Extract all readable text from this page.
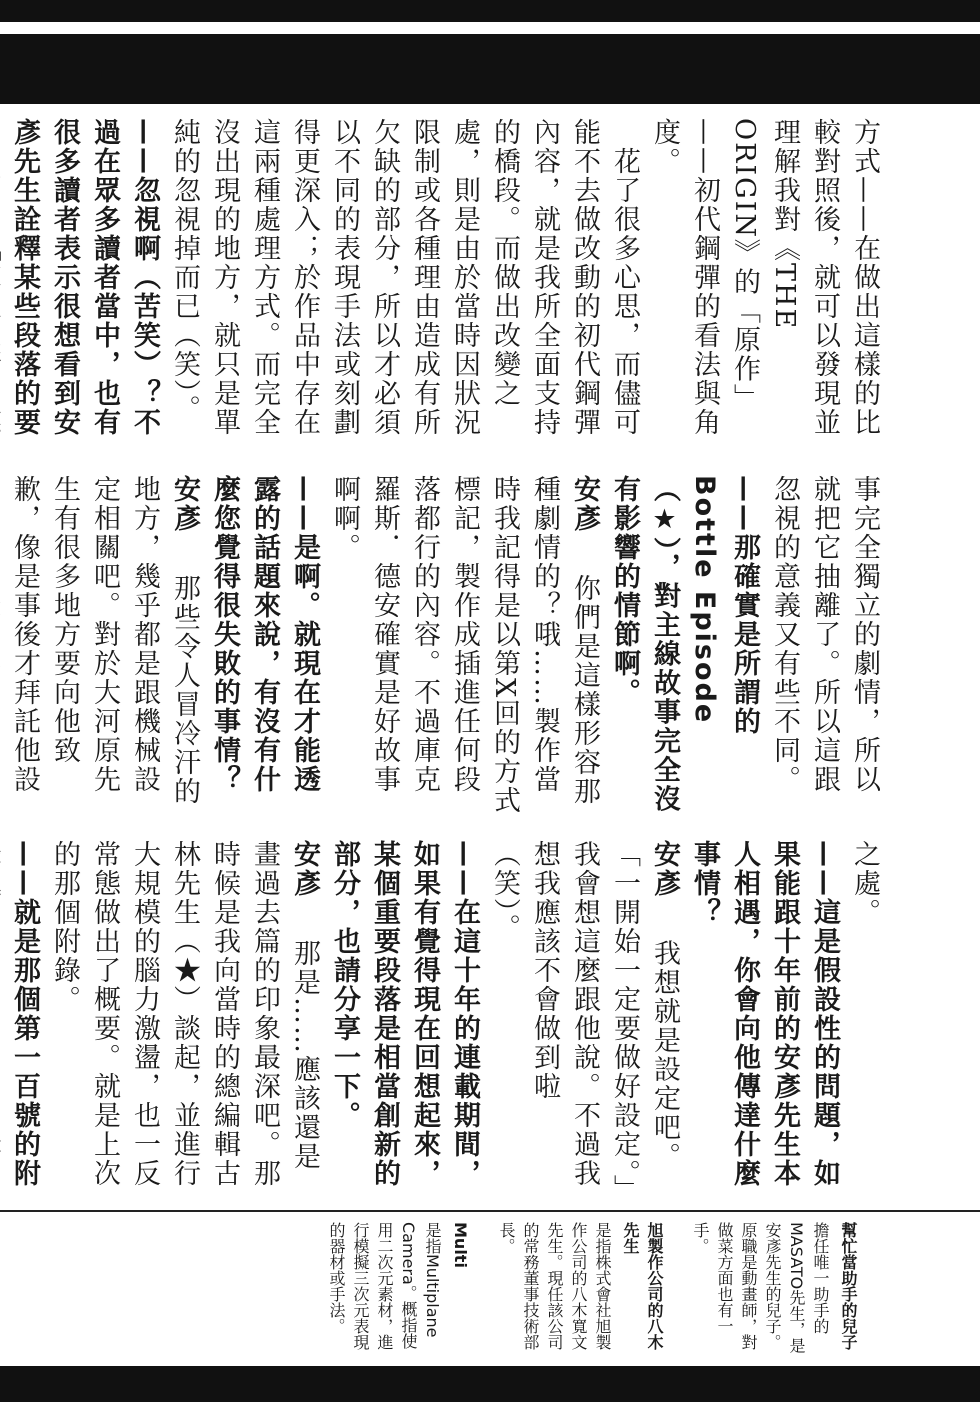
方式——在做出這樣的比較對照後，就可以發現並理解我對《THE ORIGIN》的「原作」——初代鋼彈的看法與角度。

　花了很多心思，而儘可能不去做改動的初代鋼彈內容，就是我所全面支持的橋段。而做出改變之處，則是由於當時因狀況限制或各種理由造成有所欠缺的部分，所以才必須以不同的表現手法或刻劃得更深入；於作品中存在這兩種處理方式。而完全沒出現的地方，就只是單純的忽視掉而已（笑）。

——忽視啊（苦笑）？不過在眾多讀者當中，也有很多讀者表示很想看到安彥先生詮釋某些段落的要

事完全獨立的劇情，所以就把它抽離了。所以這跟忽視的意義又有些不同。

——那確實是所謂的Bottle Episode（★），對主線故事完全沒有影響的情節啊。

安彥　你們是這樣形容那種劇情的？哦……製作當時我記得是以第X回的方式標記，製作成插進任何段落都行的內容。不過庫克羅斯．德安確實是好故事啊啊。

——是啊。就現在才能透露的話題來說，有沒有什麼您覺得很失敗的事情？

安彥　那些令人冒冷汗的地方，幾乎都是跟機械設定相關吧。對於大河原先生有很多地方要向他致歉，像是事後才拜託他設

之處。

——這是假設性的問題，如果能跟十年前的安彥先生本人相遇，你會向他傳達什麼事情？

安彥　我想就是設定吧。「一開始一定要做好設定。」我會想這麼跟他說。不過我想我應該不會做到啦（笑）。

——在這十年的連載期間，如果有覺得現在回想起來，某個重要段落是相當創新的部分，也請分享一下。

安彥　那是……應該還是畫過去篇的印象最深吧。那時候是我向當時的總編輯古林先生（★）談起，並進行大規模的腦力激盪，也一反常態做出了概要。就是上次的那個附錄。

——就是那個第一百號的附

幫忙當助手的兒子
擔任唯一助手的MASATO先生，是安彥先生的兒子。原職是動畫師，對做菜方面也有一手。
旭製作公司的八木先生
是指株式會社旭製作公司的八木寬文先生。現任該公司的常務董事技術部長。
Multi
是指Multiplane Camera。概指使用二次元素材，進行模擬三次元表現的器材或手法。
